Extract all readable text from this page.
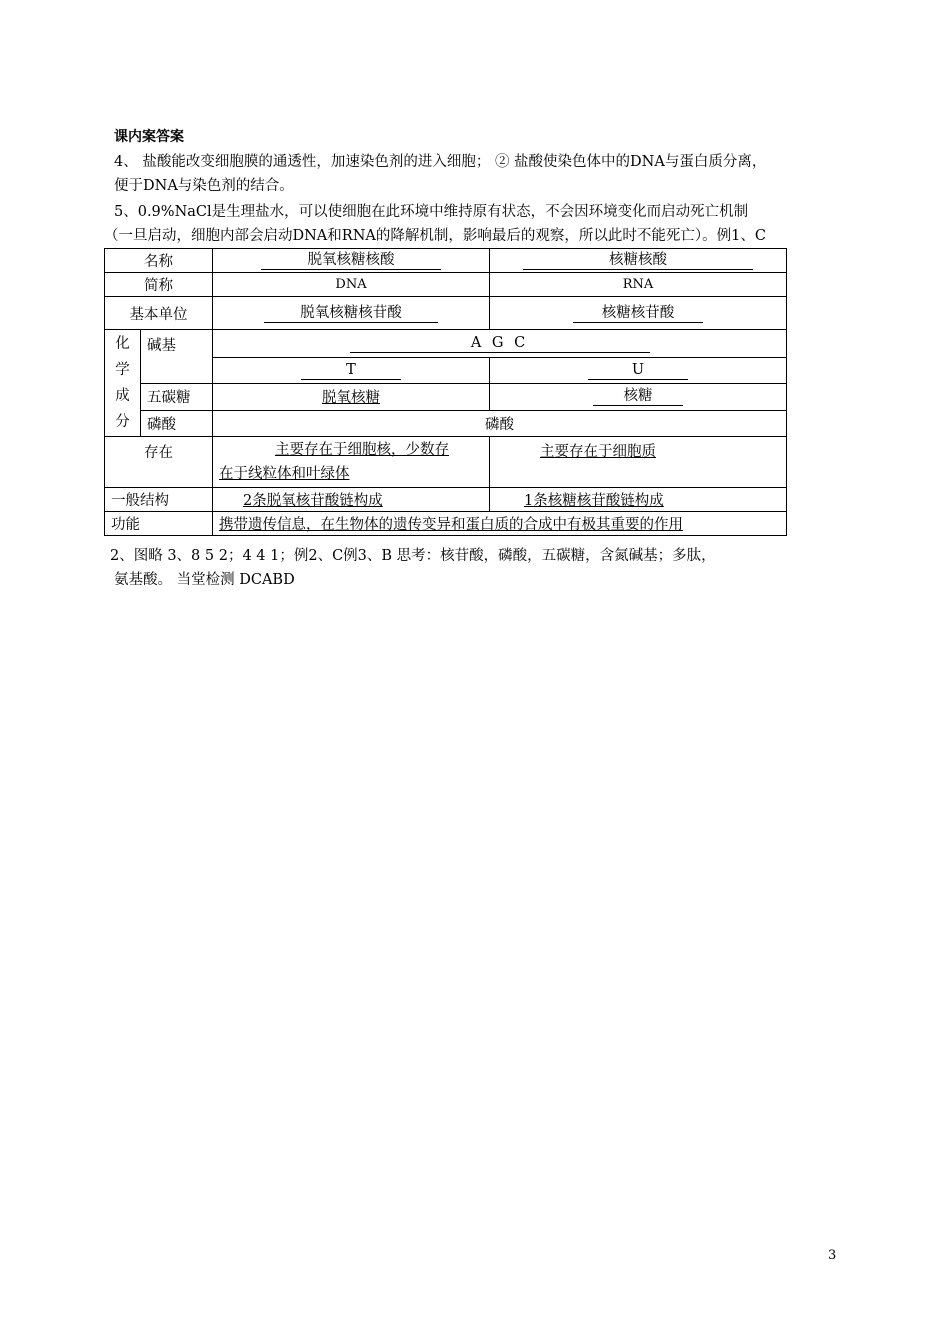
课内案答案
4、 盐酸能改变细胞膜的通透性，加速染色剂的进入细胞； ② 盐酸使染色体中的DNA与蛋白质分离，
便于DNA与染色剂的结合。
5、0.9%NaCl是生理盐水，可以使细胞在此环境中维持原有状态，不会因环境变化而启动死亡机制
（一旦启动，细胞内部会启动DNA和RNA的降解机制，影响最后的观察，所以此时不能死亡）。例1、C
名称		脱氧核糖核酸	核糖核酸
简称		DNA	RNA
基本单位		脱氧核糖核苷酸	核糖核苷酸
化
学
成
分	碱基	A G C	
		T	U
	五碳糖	脱氧核糖	核糖
	磷酸	磷酸	
存在		主要存在于细胞核，少数存
在于线粒体和叶绿体	主要存在于细胞质
一般结构		2条脱氧核苷酸链构成	1条核糖核苷酸链构成
功能		携带遗传信息，在生物体的遗传变异和蛋白质的合成中有极其重要的作用	
2、图略 3、8 5 2；4 4 1；例2、C例3、B 思考：核苷酸，磷酸，五碳糖，含氮碱基；多肽，
氨基酸。 当堂检测 DCABD
3
